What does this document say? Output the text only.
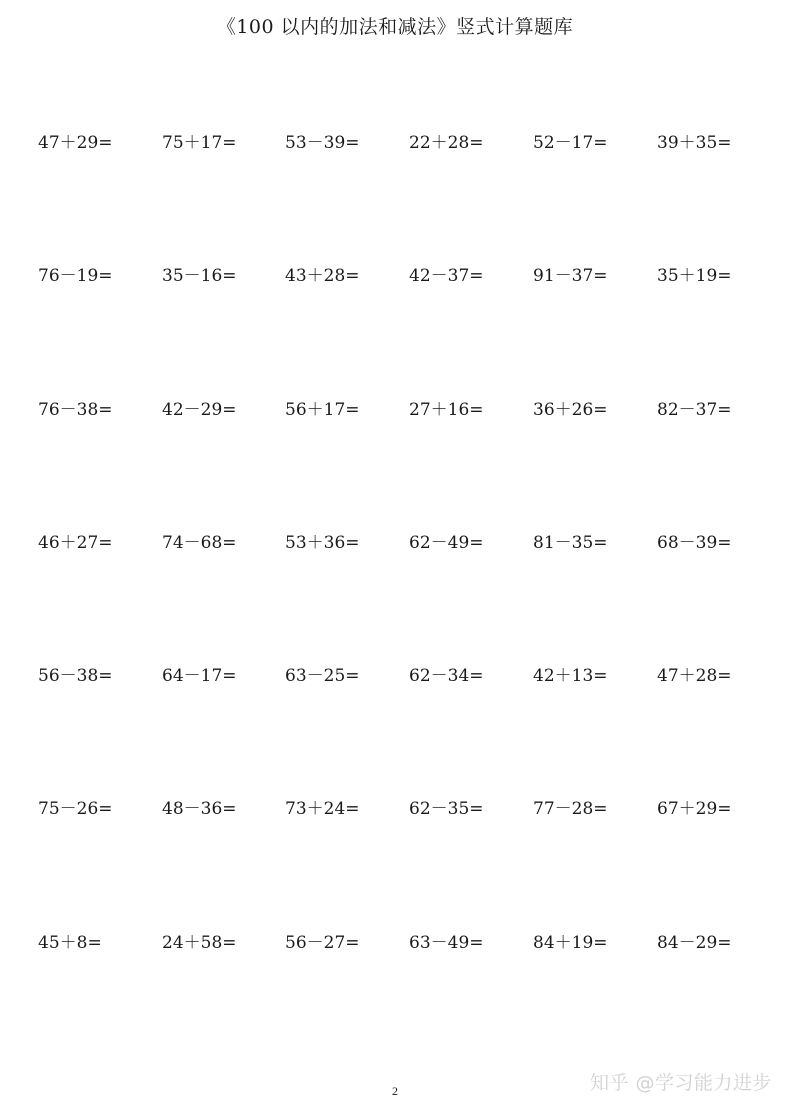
《100 以内的加法和减法》竖式计算题库
47＋29=	75＋17=	53－39=	22＋28=	52－17=	39＋35=
76－19=	35－16=	43＋28=	42－37=	91－37=	35＋19=
76－38=	42－29=	56＋17=	27＋16=	36＋26=	82－37=
46＋27=	74－68=	53＋36=	62－49=	81－35=	68－39=
56－38=	64－17=	63－25=	62－34=	42＋13=	47＋28=
75－26=	48－36=	73＋24=	62－35=	77－28=	67＋29=
45＋8=	24＋58=	56－27=	63－49=	84＋19=	84－29=
2	知乎 @学习能力进步
